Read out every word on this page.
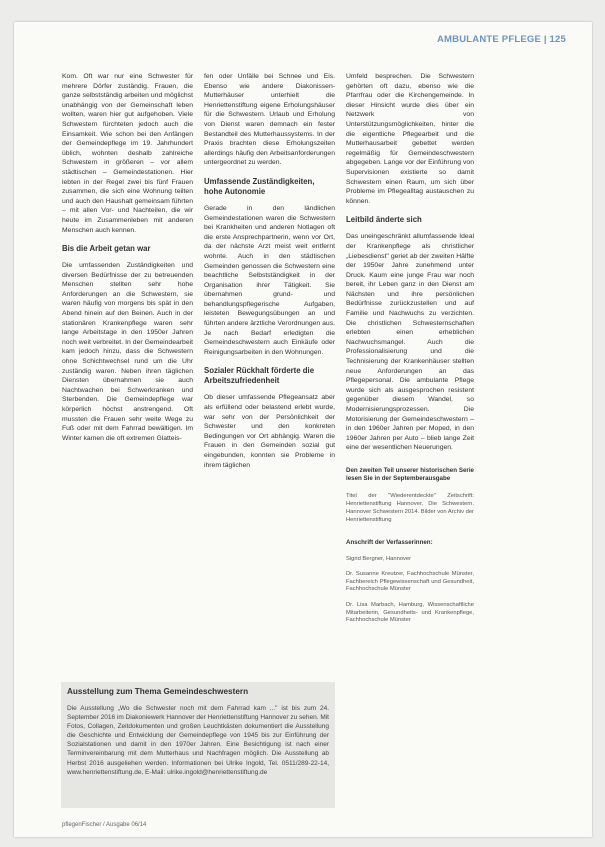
AMBULANTE PFLEGE | 125

Kom. Oft war nur eine Schwester für mehrere Dörfer zuständig. Frauen, die ganze selbstständig arbeiten und möglichst unabhängig von der Gemeinschaft leben wollten, waren hier gut aufgehoben. Viele Schwestern fürchteten jedoch auch die Einsamkeit. Wie schon bei den Anfängen der Gemeindepflege im 19. Jahrhundert üblich, wohnten deshalb zahlreiche Schwestern in größeren – vor allem städtischen – Gemeindestationen. Hier lebten in der Regel zwei bis fünf Frauen zusammen, die sich eine Wohnung teilten und auch den Haushalt gemeinsam führten – mit allen Vor- und Nachteilen, die wir heute im Zusammenleben mit anderen Menschen auch kennen.

Bis die Arbeit getan war

Die umfassenden Zuständigkeiten und diversen Bedürfnisse der zu betreuenden Menschen stellten sehr hohe Anforderungen an die Schwestern, sie waren häufig von morgens bis spät in den Abend hinein auf den Beinen. Auch in der stationären Krankenpflege waren sehr lange Arbeitstage in den 1950er Jahren noch weit verbreitet. In der Gemeindearbeit kam jedoch hinzu, dass die Schwestern ohne Schichtwechsel rund um die Uhr zuständig waren. Neben ihren täglichen Diensten übernahmen sie auch Nachtwachen bei Schwerkranken und Sterbenden. Die Gemeindepflege war körperlich höchst anstrengend. Oft mussten die Frauen sehr weite Wege zu Fuß oder mit dem Fahrrad bewältigen. Im Winter kamen die oft extremen Glatteis-

fen oder Unfälle bei Schnee und Eis. Ebenso wie andere Diakonissen-Mutterhäuser unterhielt die Henriettenstiftung eigene Erholungshäuser für die Schwestern. Urlaub und Erholung von Dienst waren demnach ein fester Bestandteil des Mutterhaussystems. In der Praxis brachten diese Erholungszeiten allerdings häufig den Arbeitsanforderungen untergeordnet zu werden.

Umfassende Zuständigkeiten, hohe Autonomie

Gerade in den ländlichen Gemeindestationen waren die Schwestern bei Krankheiten und anderen Notlagen oft die erste Ansprechpartnerin, wenn vor Ort, da der nächste Arzt meist weit entfernt wohnte. Auch in den städtischen Gemeinden genossen die Schwestern eine beachtliche Selbstständigkeit in der Organisation ihrer Tätigkeit. Sie übernahmen grund- und behandlungspflegerische Aufgaben, leisteten Bewegungsübungen an und führten andere ärztliche Verordnungen aus. Je nach Bedarf erledigten die Gemeindeschwestern auch Einkäufe oder Reinigungsarbeiten in den Wohnungen.

Sozialer Rückhalt förderte die Arbeitszufriedenheit

Ob dieser umfassende Pflegeansatz aber als erfüllend oder belastend erlebt wurde, war sehr von der Persönlichkeit der Schwester und den konkreten Bedingungen vor Ort abhängig. Waren die Frauen in den Gemeinden sozial gut eingebunden, konnten sie Probleme in ihrem täglichen

Umfeld besprechen. Die Schwestern gehörten oft dazu, ebenso wie die Pfarrfrau oder die Kirchengemeinde. In dieser Hinsicht wurde dies über ein Netzwerk von Unterstützungsmöglichkeiten, hinter die die eigentliche Pflegearbeit und die Mutterhausarbeit gebettet werden regelmäßig für Gemeindeschwestern abgegeben. Lange vor der Einführung von Supervisionen existierte so damit Schwestern einen Raum, um sich über Probleme im Pflegealltag austauschen zu können.

Leitbild änderte sich

Das uneingeschränkt allumfassende Ideal der Krankenpflege als christlicher „Liebesdienst" geriet ab der zweiten Hälfte der 1950er Jahre zunehmend unter Druck. Kaum eine junge Frau war noch bereit, ihr Leben ganz in den Dienst am Nächsten und ihre persönlichen Bedürfnisse zurückzustellen und auf Familie und Nachwuchs zu verzichten. Die christlichen Schwesternschaften erlebten einen erheblichen Nachwuchsmangel. Auch die Professionalisierung und die Technisierung der Krankenhäuser stellten neue Anforderungen an das Pflegepersonal. Die ambulante Pflege wurde sich als ausgesprochen resistent gegenüber diesem Wandel, so Modernisierungsprozessen. Die Motorisierung der Gemeindeschwestern – in den 1960er Jahren per Moped, in den 1960er Jahren per Auto – blieb lange Zeit eine der wesentlichen Neuerungen.

Den zweiten Teil unserer historischen Serie lesen Sie in der Septemberausgabe
Titel der "Wiederentdeckte" Zeitschrift: Henriettenstiftung Hannover, Die Schwestern. Hannover Schwestern 2014. Bilder von Archiv der Henriettenstiftung
Anschrift der Verfasserinnen:
Sigrid Bergner, Hannover
Dr. Susanne Kreutzer, Fachhochschule Münster, Fachbereich Pflegewissenschaft und Gesundheit, Fachhochschule Münster
Dr. Lisa Marbach, Hamburg, Wissenschaftliche Mitarbeiterin, Gesundheits- und Krankenpflege, Fachhochschule Münster
Ausstellung zum Thema Gemeindeschwestern
Die Ausstellung „Wo die Schwester noch mit dem Fahrrad kam ..." ist bis zum 24. September 2016 im Diakoniewerk Hannover der Henriettenstiftung Hannover zu sehen. Mit Fotos, Collagen, Zeitdokumenten und großen Leuchtkästen dokumentiert die Ausstellung die Geschichte und Entwicklung der Gemeindepflege von 1945 bis zur Einführung der Sozialstationen und damit in den 1970er Jahren. Eine Besichtigung ist nach einer Terminvereinbarung mit dem Mutterhaus und Nachfragen möglich. Die Ausstellung ab Herbst 2016 ausgeliehen werden. Informationen bei Ulrike Ingold, Tel. 0511/289-22-14, www.henriettenstiftung.de, E-Mail: ulrike.ingold@henriettenstiftung.de
pflegenFischer / Ausgabe 06/14
